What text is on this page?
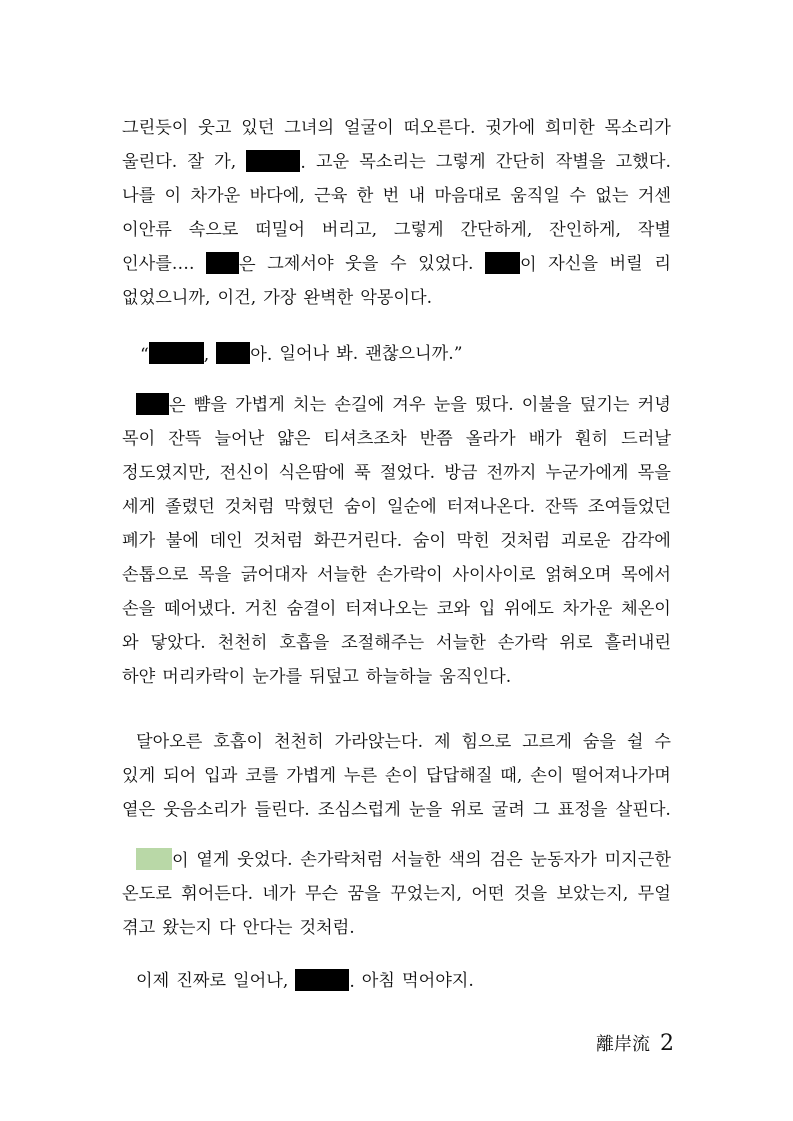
그린듯이 웃고 있던 그녀의 얼굴이 떠오른다. 귓가에 희미한 목소리가
울린다. 잘 가,	. 고운 목소리는 그렇게 간단히 작별을 고했다.
나를 이 차가운 바다에, 근육 한 번 내 마음대로 움직일 수 없는 거센
이안류 속으로 떠밀어 버리고, 그렇게 간단하게, 잔인하게, 작별
인사를….	은 그제서야 웃을 수 있었다.	이 자신을 버릴 리
없었으니까, 이건, 가장 완벽한 악몽이다.
“	,	아. 일어나 봐. 괜찮으니까.”
은 뺨을 가볍게 치는 손길에 겨우 눈을 떴다. 이불을 덮기는 커녕
목이 잔뜩 늘어난 얇은 티셔츠조차 반쯤 올라가 배가 훤히 드러날
정도였지만, 전신이 식은땀에 푹 절었다. 방금 전까지 누군가에게 목을
세게 졸렸던 것처럼 막혔던 숨이 일순에 터져나온다. 잔뜩 조여들었던
폐가 불에 데인 것처럼 화끈거린다. 숨이 막힌 것처럼 괴로운 감각에
손톱으로 목을 긁어대자 서늘한 손가락이 사이사이로 얽혀오며 목에서
손을 떼어냈다. 거친 숨결이 터져나오는 코와 입 위에도 차가운 체온이
와 닿았다. 천천히 호흡을 조절해주는 서늘한 손가락 위로 흘러내린
하얀 머리카락이 눈가를 뒤덮고 하늘하늘 움직인다.
달아오른 호흡이 천천히 가라앉는다. 제 힘으로 고르게 숨을 쉴 수
있게 되어 입과 코를 가볍게 누른 손이 답답해질 때, 손이 떨어져나가며
옅은 웃음소리가 들린다. 조심스럽게 눈을 위로 굴려 그 표정을 살핀다.
이 옅게 웃었다. 손가락처럼 서늘한 색의 검은 눈동자가 미지근한
온도로 휘어든다. 네가 무슨 꿈을 꾸었는지, 어떤 것을 보았는지, 무얼
겪고 왔는지 다 안다는 것처럼.
이제 진짜로 일어나,	. 아침 먹어야지.
離岸流 2
